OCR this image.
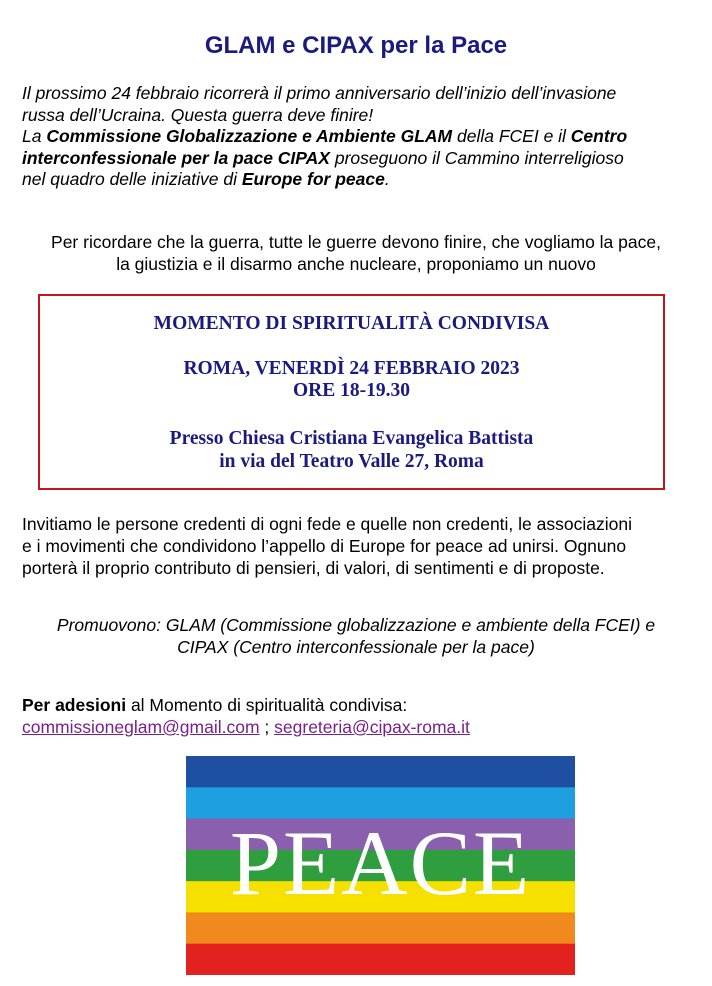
GLAM e CIPAX per la Pace
Il prossimo 24 febbraio ricorrerà il primo anniversario dell’inizio dell’invasione
russa dell’Ucraina. Questa guerra deve finire!
La Commissione Globalizzazione e Ambiente GLAM della FCEI e il Centro
interconfessionale per la pace CIPAX proseguono il Cammino interreligioso
nel quadro delle iniziative di Europe for peace.
Per ricordare che la guerra, tutte le guerre devono finire, che vogliamo la pace,
la giustizia e il disarmo anche nucleare, proponiamo un nuovo
MOMENTO DI SPIRITUALITÀ CONDIVISA
ROMA, VENERDÌ 24 FEBBRAIO 2023
ORE 18-19.30
Presso Chiesa Cristiana Evangelica Battista
in via del Teatro Valle 27, Roma
Invitiamo le persone credenti di ogni fede e quelle non credenti, le associazioni
e i movimenti che condividono l’appello di Europe for peace ad unirsi. Ognuno
porterà il proprio contributo di pensieri, di valori, di sentimenti e di proposte.
Promuovono: GLAM (Commissione globalizzazione e ambiente della FCEI) e
CIPAX (Centro interconfessionale per la pace)
Per adesioni al Momento di spiritualità condivisa:
commissioneglam@gmail.com ; segreteria@cipax-roma.it
PEACE
